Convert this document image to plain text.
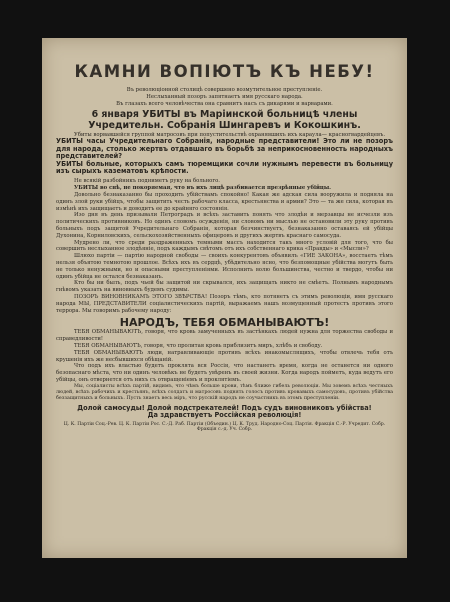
КАМНИ ВОПІЮТЪ КЪ НЕБУ!

Въ революціонной столицѣ совершено возмутительное преступленіе.

Неслыханный позоръ запятнаетъ имя русскаго народа.

Въ глазахъ всего человѣчества она сравнитъ насъ съ дикарями и варварами.

6 января УБИТЫ въ Маріинской больницѣ члены Учредительн. Собранія Шингаревъ и Кокошкинъ.

Убиты ворвавшейся группой матросовъ при попустительствѣ охранявшихъ ихъ караула— красногвардейцевъ.

УБИТЫ часы Учредительнаго Собранія, народные представители! Это ли не позоръ для народа, столько жертвъ отдавшаго въ борьбѣ за неприкосновенность народныхъ представителей?

УБИТЫ больные, которыхъ самъ тюремщики сочли нужнымъ перевести въ больницу изъ сырыхъ казематовъ крѣпости.

Не всякій разбойникъ подниметъ руку на больного.

УБИТЫ во снѣ, не покоряемая, что въ ихъ лицѣ разбивается презрѣнные убійцы.

Довольно безнаказанно бы проходить убійствамъ спокойно! Какая же адская сила вооружила и подняла на одинъ злой руки убійцъ, чтобы защитить честь рабочаго класса, крестьянства и армии? Это — та же сила, которая въ измѣнѣ ихъ защищаетъ и доводитъ ее до крайняго состоянія.

Изо дня въ день призывали Петроградъ и всѣхъ заставить понять что злодѣи и мерзавцы не исчезли изъ политическихъ противниковъ. Но одинъ словомъ осужденія, ни словомъ ни мыслью не остановили эту руку противъ больныхъ подъ защитой Учредительнаго Собранія, которая безчинствуетъ, безнаказанно оставаясь ей убійцы Духонина, Корниловскихъ, сельскохозяйственныхъ офицеровъ и другихъ жертвъ краснаго самосуда.

Мудрено ли, что среди раздраженныхъ темными массъ находится такъ много условій для того, что бы совершить неслыханное злодѣяніе, подъ каждымъ свѣтомъ отъ ихъ собственнаго крика «Правды» и «Мысли»?

Шлюхо партіи — партію народной свободы — своихъ конкурентовъ объявилъ «ГИЕ ЗАКОНА», восстаетъ тѣмъ нельзя объятою темнотою прошлое. Всѣхъ ихъ въ сердцѣ, убѣдительно ясно, что безпомощные убійства могутъ быть не только ненужными, но и опасными преступленіями. Исполнить волю большинства, честно и твердо, чтобы ни одинъ убійца не остался безнаказанъ.

Кто бы ни былъ, подъ чьей бы защитой ни скрывался, ихъ защищать никто не смѣетъ. Полнымъ народнымъ гнѣвомъ указать на виновныхъ будемъ судимы.

ПОЗОРЪ ВИНОВНИКАМЪ ЭТОГО ЗВѢРСТВА! Позоръ тѣмъ, кто потянетъ съ этимъ революціи, имя русскаго народа МЫ, ПРЕДСТАВИТЕЛИ соціалистическихъ партій, выражаемъ нашъ возмущенный протестъ противъ этого террора. Мы говоримъ рабочему народу:

НАРОДЪ, ТЕБЯ ОБМАНЫВАЮТЪ!

ТЕБЯ ОБМАНЫВАЮТЪ, говоря, что кровь замученныхъ въ застѣнкахъ людей нужна для торжества свободы и справедливости!

ТЕБЯ ОБМАНЫВАЮТЪ, говоря, что пролитая кровь приблизитъ миръ, хлѣбъ и свободу.

ТЕБЯ ОБМАНЫВАЮТЪ люди, натравливающіе противъ всѣхъ инакомыслящихъ, чтобы отвлечь тебя отъ крушенія ихъ же несбывшихся обѣщаній.

Что подъ ихъ властью будетъ проклята вся Россія, что настанетъ время, когда не останется ни одного безопаснаго мѣста, что ни одинъ человѣкъ не будетъ увѣренъ въ своей жизни. Когда народъ пойметъ, куда ведутъ его убійцы, онъ отвернется отъ нихъ съ отвращеніемъ и проклятіемъ.

Мы, соціалисты всѣхъ партій, видимъ, что чѣмъ больше крови, тѣмъ ближе гибель революціи. Мы зовемъ всѣхъ честныхъ людей, всѣхъ рабочихъ и крестьянъ, всѣхъ солдатъ и матросовъ поднять голосъ противъ кровавыхъ самосудовъ, противъ убійства беззащитныхъ и больныхъ. Пусть знаетъ весь міръ, что русскій народъ не соучастникъ въ этомъ преступленіи.

Долой самосуды! Долой подстрекателей! Подъ судъ виновниковъ убійства!

Да здравствуетъ Россійская революція!

Ц. К. Партіи Соц.-Рев. Ц. К. Партіи Рос. С.-Д. Раб. Партіи (Объедин.) Ц. К. Труд. Народно-Соц. Партія. Фракція С.-Р. Учредит. Собр. Фракція с.-д. Уч. Собр.
